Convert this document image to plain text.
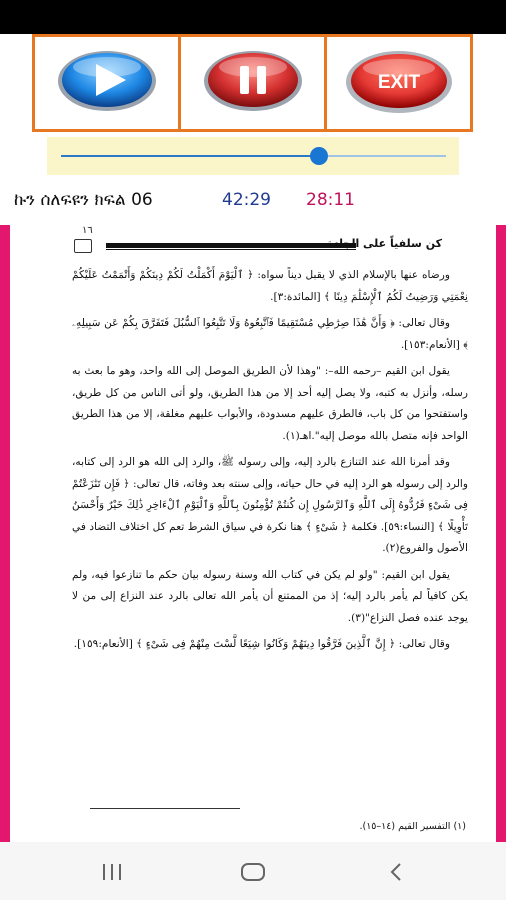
EXIT
ኩን ሰለፍዩን ክፍል 06	42:29 28:11
١٦
كن سلفياً على الجادة

ورضاه عنها بالإسلام الذي لا يقبل ديناً سواه: ﴿ ٱلْيَوْمَ أَكْمَلْتُ لَكُمْ دِينَكُمْ وَأَتْمَمْتُ عَلَيْكُمْ نِعْمَتِي وَرَضِيتُ لَكُمُ ٱلْإِسْلَٰمَ دِينًا ﴾ [المائدة:٣].

وقال تعالى: ﴿ وَأَنَّ هَٰذَا صِرَٰطِي مُسْتَقِيمًا فَٱتَّبِعُوهُ وَلَا تَتَّبِعُوا ٱلسُّبُلَ فَتَفَرَّقَ بِكُمْ عَن سَبِيلِهِۦ ﴾ [الأنعام:١٥٣].

يقول ابن القيم –رحمه الله–: "وهذا لأن الطريق الموصل إلى الله واحد، وهو ما بعث به رسله، وأنزل به كتبه، ولا يصل إليه أحد إلا من هذا الطريق، ولو أتى الناس من كل طريق، واستفتحوا من كل باب، فالطرق عليهم مسدودة، والأبواب عليهم مغلقة، إلا من هذا الطريق الواحد فإنه متصل بالله موصل إليه".اهـ(١).

وقد أمرنا الله عند التنازع بالرد إليه، وإلى رسوله ﷺ، والرد إلى الله هو الرد إلى كتابه، والرد إلى رسوله هو الرد إليه في حال حياته، وإلى سنته بعد وفاته، قال تعالى: ﴿ فَإِن تَنَٰزَعْتُمْ فِى شَىْءٍ فَرُدُّوهُ إِلَى ٱللَّهِ وَٱلرَّسُولِ إِن كُنتُمْ تُؤْمِنُونَ بِٱللَّهِ وَٱلْيَوْمِ ٱلْءَاخِرِ ذَٰلِكَ خَيْرٌ وَأَحْسَنُ تَأْوِيلًا ﴾ [النساء:٥٩]. فكلمة ﴿ شَىْءٍ ﴾ هنا نكرة في سياق الشرط تعم كل اختلاف التضاد في الأصول والفروع(٢).

يقول ابن القيم: "ولو لم يكن في كتاب الله وسنة رسوله بيان حكم ما تنازعوا فيه، ولم يكن كافياً لم يأمر بالرد إليه؛ إذ من الممتنع أن يأمر الله تعالى بالرد عند النزاع إلى من لا يوجد عنده فصل النزاع"(٣).

وقال تعالى: ﴿ إِنَّ ٱلَّذِينَ فَرَّقُوا دِينَهُمْ وَكَانُوا شِيَعًا لَّسْتَ مِنْهُمْ فِى شَىْءٍ ﴾ [الأنعام:١٥٩].

(١) التفسير القيم (١٤–١٥).
